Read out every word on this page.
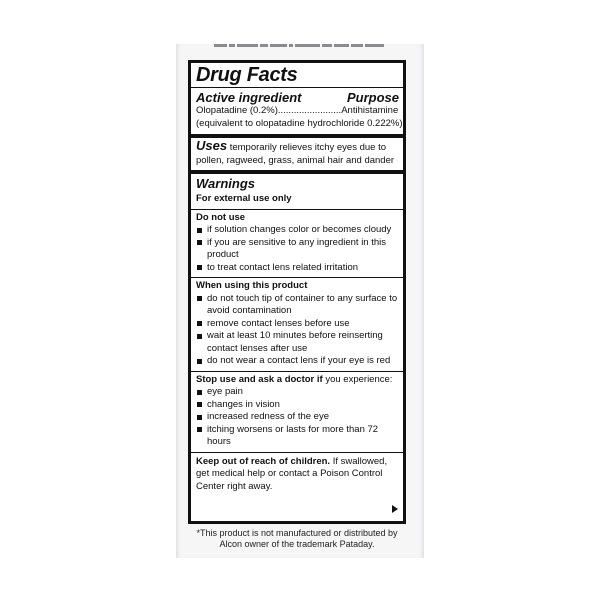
Drug Facts
Active ingredient	Purpose
Olopatadine (0.2%)........................Antihistamine
(equivalent to olopatadine hydrochloride 0.222%)
Uses temporarily relieves itchy eyes due to
pollen, ragweed, grass, animal hair and dander
Warnings
For external use only
Do not use
if solution changes color or becomes cloudy
if you are sensitive to any ingredient in this product
to treat contact lens related irritation
When using this product
do not touch tip of container to any surface to avoid contamination
remove contact lenses before use
wait at least 10 minutes before reinserting contact lenses after use
do not wear a contact lens if your eye is red
Stop use and ask a doctor if you experience:
eye pain
changes in vision
increased redness of the eye
itching worsens or lasts for more than 72 hours
Keep out of reach of children. If swallowed, get medical help or contact a Poison Control Center right away.
*This product is not manufactured or distributed by
Alcon owner of the trademark Pataday.
